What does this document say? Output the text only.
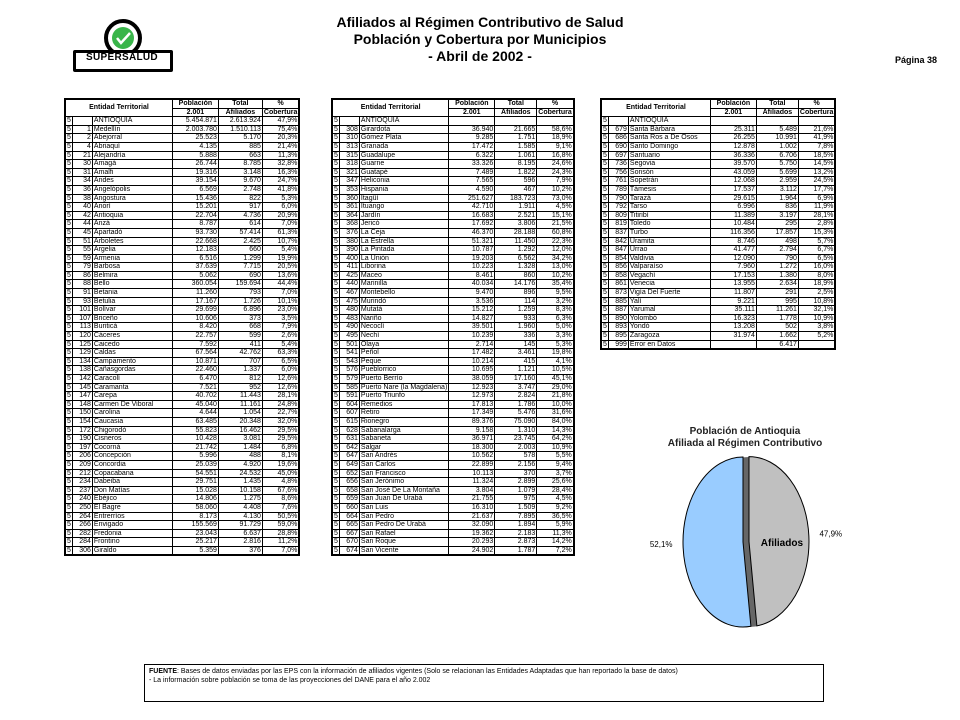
SUPERSALUD
Afiliados al Régimen Contributivo de Salud
Población y Cobertura por Municipios
- Abril de 2002 -	Página 38
Entidad Territorial			Población	Total	%
			2.001	Afiliados	Cobertura
5		ANTIOQUIA	5.454.871	2.613.924	47,9%
5	1	Medellín	2.003.780	1.510.113	75,4%
5	2	Abejorral	25.523	5.170	20,3%
5	4	Abriaquí	4.135	885	21,4%
5	21	Alejandría	5.888	663	11,3%
5	30	Amagá	26.744	8.785	32,8%
5	31	Amalfi	19.316	3.148	16,3%
5	34	Andes	39.154	9.670	24,7%
5	36	Angelópolis	6.569	2.748	41,8%
5	38	Angostura	15.436	822	5,3%
5	40	Anorí	15.201	917	6,0%
5	42	Antioquia	22.704	4.736	20,9%
5	44	Anzá	8.787	614	7,0%
5	45	Apartadó	93.730	57.414	61,3%
5	51	Arboletes	22.668	2.425	10,7%
5	55	Argelia	12.183	660	5,4%
5	59	Armenia	6.516	1.299	19,9%
5	79	Barbosa	37.639	7.715	20,5%
5	86	Belmira	5.062	690	13,6%
5	88	Bello	360.054	159.694	44,4%
5	91	Betania	11.260	793	7,0%
5	93	Betulia	17.167	1.726	10,1%
5	101	Bolívar	29.699	6.896	23,0%
5	107	Briceño	10.606	373	3,5%
5	113	Buriticá	8.420	668	7,9%
5	120	Cáceres	22.757	599	2,6%
5	125	Caicedo	7.592	411	5,4%
5	129	Caldas	67.564	42.762	63,3%
5	134	Campamento	10.871	707	6,5%
5	138	Cañasgordas	22.460	1.337	6,0%
5	142	Caracolí	6.470	812	12,6%
5	145	Caramanta	7.521	952	12,6%
5	147	Carepa	40.702	11.443	28,1%
5	148	Carmen De Viboral	45.040	11.161	24,8%
5	150	Carolina	4.644	1.054	22,7%
5	154	Caucasia	63.485	20.348	32,0%
5	172	Chigorodó	55.823	16.462	29,5%
5	190	Cisneros	10.428	3.081	29,5%
5	197	Cocorná	21.742	1.484	6,8%
5	206	Concepción	5.996	488	8,1%
5	209	Concordia	25.039	4.920	19,6%
5	212	Copacabana	54.551	24.532	45,0%
5	234	Dabeiba	29.751	1.435	4,8%
5	237	Don Matías	15.028	10.158	67,6%
5	240	Ebéjico	14.806	1.275	8,6%
5	250	El Bagre	58.060	4.408	7,6%
5	264	Entrerríos	8.173	4.130	50,5%
5	266	Envigado	155.569	91.729	59,0%
5	282	Fredonia	23.043	6.637	28,8%
5	284	Frontino	25.217	2.816	11,2%
5	306	Giraldo	5.359	376	7,0%
Entidad Territorial			Población	Total	%
			2.001	Afiliados	Cobertura
5		ANTIOQUIA			
5	308	Girardota	36.940	21.665	58,6%
5	310	Gómez Plata	9.285	1.751	18,9%
5	313	Granada	17.472	1.585	9,1%
5	315	Guadalupe	6.322	1.061	16,8%
5	318	Guarne	33.326	8.195	24,6%
5	321	Guatapé	7.489	1.822	24,3%
5	347	Heliconia	7.565	596	7,9%
5	353	Hispania	4.590	467	10,2%
5	360	Itagüí	251.627	183.723	73,0%
5	361	Ituango	42.710	1.911	4,5%
5	364	Jardín	16.683	2.521	15,1%
5	368	Jericó	17.692	3.806	21,5%
5	376	La Ceja	46.370	28.188	60,8%
5	380	La Estrella	51.321	11.450	22,3%
5	390	La Pintada	10.787	1.292	12,0%
5	400	La Unión	19.203	6.562	34,2%
5	411	Liborina	10.223	1.328	13,0%
5	425	Maceo	8.461	860	10,2%
5	440	Marinilla	40.034	14.176	35,4%
5	467	Montebello	9.470	896	9,5%
5	475	Murindó	3.536	114	3,2%
5	480	Mutatá	15.212	1.259	8,3%
5	483	Nariño	14.827	933	6,3%
5	490	Necoclí	39.501	1.960	5,0%
5	495	Nechí	10.239	336	3,3%
5	501	Olaya	2.714	145	5,3%
5	541	Peñol	17.482	3.461	19,8%
5	543	Peque	10.214	415	4,1%
5	576	Pueblorrico	10.695	1.121	10,5%
5	579	Puerto Berrío	38.059	17.160	45,1%
5	585	Puerto Nare (la Magdalena)	12.923	3.747	29,0%
5	591	Puerto Triunfo	12.973	2.824	21,8%
5	604	Remedios	17.813	1.786	10,0%
5	607	Retiro	17.349	5.476	31,6%
5	615	Rionegro	89.376	75.090	84,0%
5	628	Sabanalarga	9.158	1.310	14,3%
5	631	Sabaneta	36.971	23.745	64,2%
5	642	Salgar	18.300	2.003	10,9%
5	647	San Andrés	10.562	578	5,5%
5	649	San Carlos	22.899	2.156	9,4%
5	652	San Francisco	10.113	370	3,7%
5	656	San Jerónimo	11.324	2.899	25,6%
5	658	San José De La Montaña	3.804	1.079	28,4%
5	659	San Juan De Urabá	21.755	975	4,5%
5	660	San Luis	16.310	1.509	9,2%
5	664	San Pedro	21.637	7.895	36,5%
5	665	San Pedro De Urabá	32.090	1.894	5,9%
5	667	San Rafael	19.362	2.183	11,3%
5	670	San Roque	20.293	2.873	14,2%
5	674	San Vicente	24.902	1.787	7,2%
Entidad Territorial			Población	Total	%
			2.001	Afiliados	Cobertura
5		ANTIOQUIA			
5	679	Santa Bárbara	25.311	5.489	21,6%
5	686	Santa Ros a De Osos	26.255	10.991	41,9%
5	690	Santo Domingo	12.878	1.002	7,8%
5	697	Santuario	36.336	6.706	18,5%
5	736	Segovia	39.570	5.750	14,5%
5	756	Sonsón	43.059	5.699	13,2%
5	761	Sopetrán	12.068	2.959	24,5%
5	789	Támesis	17.537	3.112	17,7%
5	790	Tarazá	29.615	1.964	6,9%
5	792	Tarso	6.996	836	11,9%
5	809	Titiribí	11.389	3.197	28,1%
5	819	Toledo	10.484	295	2,8%
5	837	Turbo	116.356	17.857	15,3%
5	842	Uramita	8.746	498	5,7%
5	847	Urrao	41.477	2.794	6,7%
5	854	Valdivia	12.090	790	6,5%
5	856	Valparaíso	7.960	1.272	16,0%
5	858	Vegachí	17.153	1.380	8,0%
5	861	Venecia	13.955	2.634	18,9%
5	873	Vigía Del Fuerte	11.807	291	2,5%
5	885	Yalí	9.221	995	10,8%
5	887	Yarumal	35.111	11.261	32,1%
5	890	Yolombó	16.323	1.778	10,9%
5	893	Yondó	13.208	502	3,8%
5	895	Zaragoza	31.974	1.662	5,2%
5	999	Error en Datos		6.417	
Población de Antioquia
Afiliada al Régimen Contributivo
47,9%
Afiliados
52,1%
FUENTE: Bases de datos enviadas por las EPS con la información de afiliados vigentes (Solo se relacionan las Entidades Adaptadas que han reportado la base de datos)
- La información sobre población se toma de las proyecciones del DANE para el año 2.002
